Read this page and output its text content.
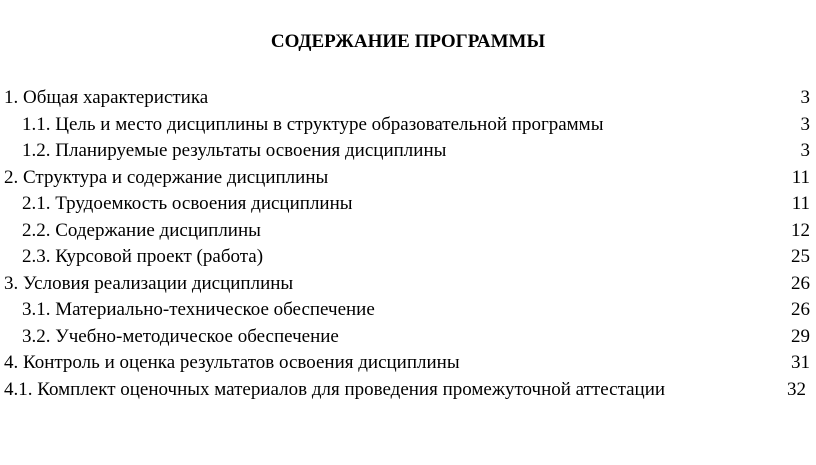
СОДЕРЖАНИЕ ПРОГРАММЫ
1. Общая характеристика	3
1.1. Цель и место дисциплины в структуре образовательной программы	3
1.2. Планируемые результаты освоения дисциплины	3
2. Структура и содержание дисциплины	11
2.1. Трудоемкость освоения дисциплины	11
2.2. Содержание дисциплины	12
2.3. Курсовой проект (работа)	25
3. Условия реализации дисциплины	26
3.1. Материально-техническое обеспечение	26
3.2. Учебно-методическое обеспечение	29
4. Контроль и оценка результатов освоения дисциплины	31
4.1. Комплект оценочных материалов для проведения промежуточной аттестации	32
